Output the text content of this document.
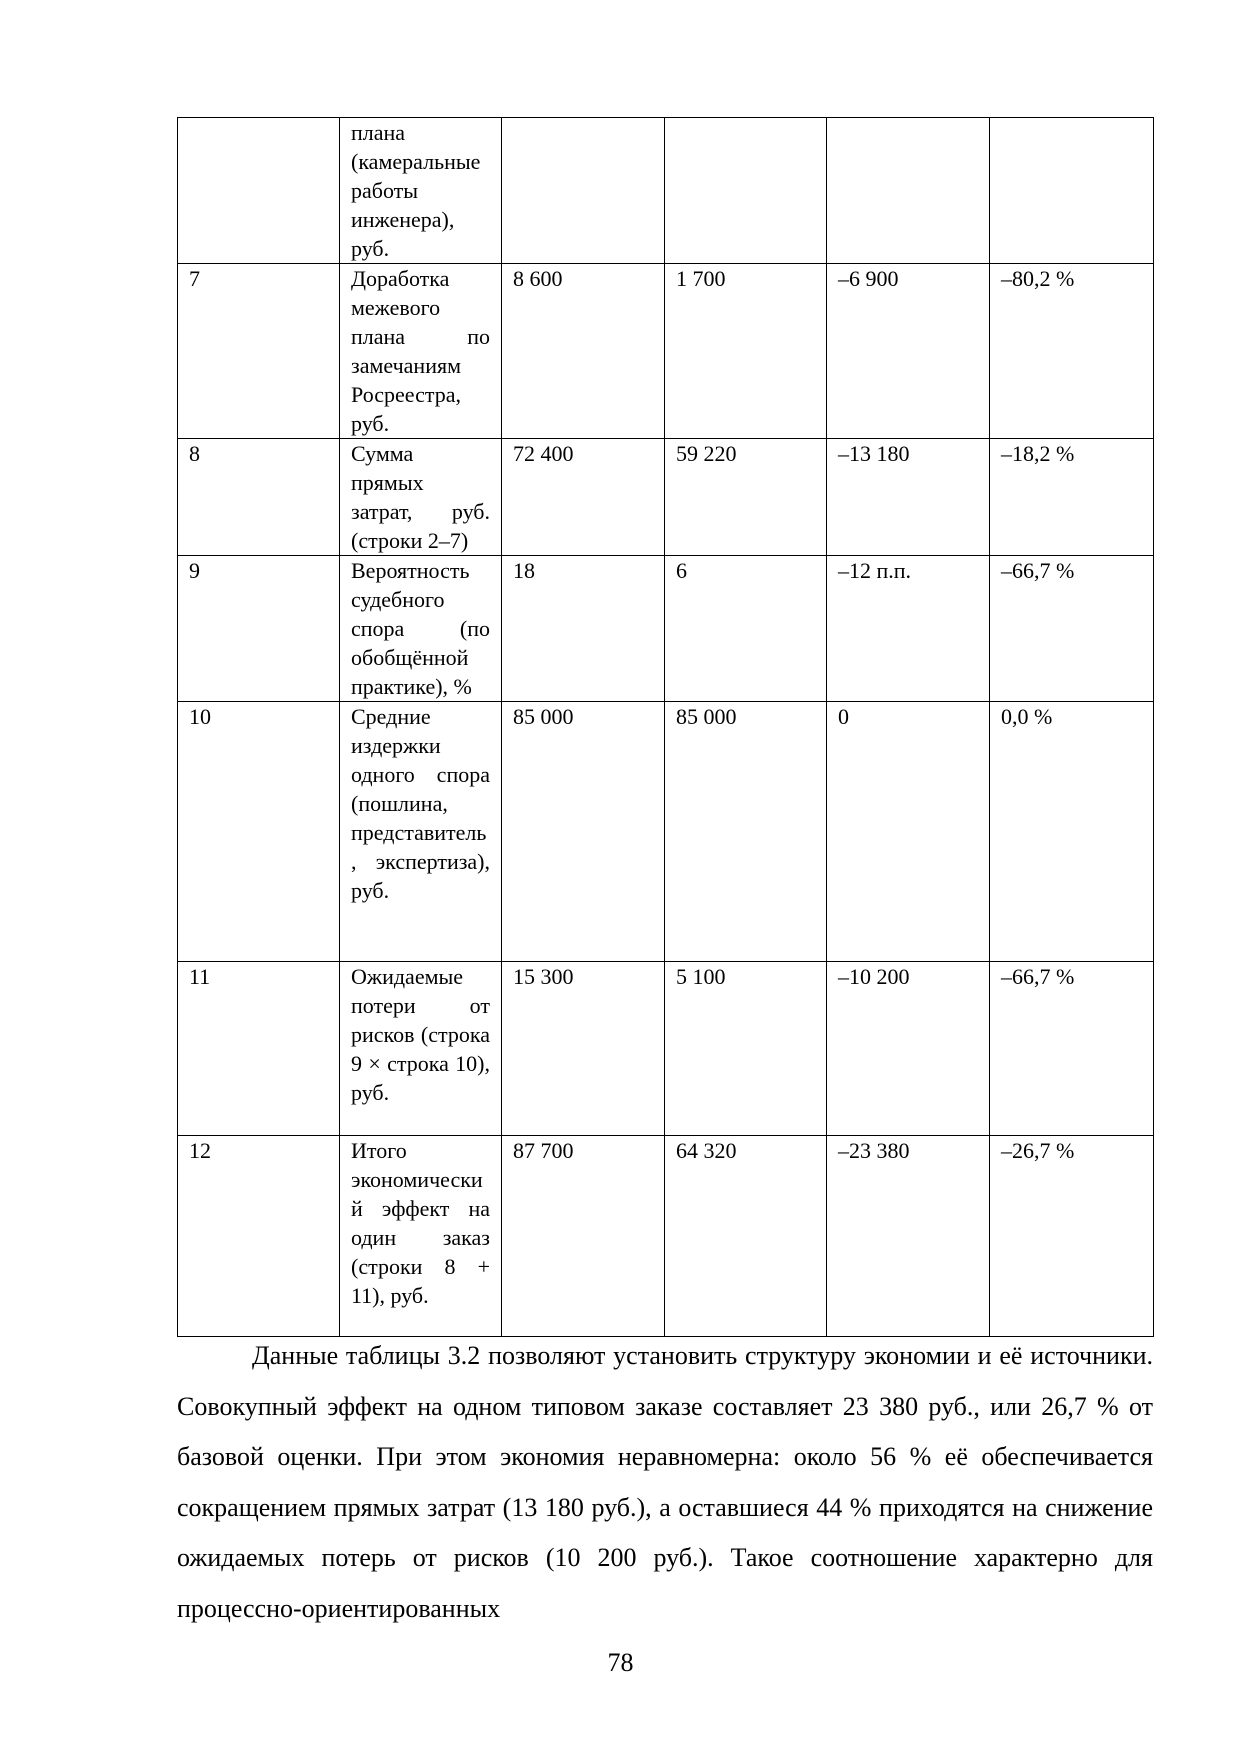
	плана (камеральные работы инженера), руб.				
7	Доработка межевого плана по замечаниям Росреестра, руб.	8 600	1 700	–6 900	–80,2 %
8	Сумма прямых затрат, руб. (строки 2–7)	72 400	59 220	–13 180	–18,2 %
9	Вероятность судебного спора (по обобщённой практике), %	18	6	–12 п.п.	–66,7 %
10	Средние издержки одного спора (пошлина, представитель, экспертиза), руб.	85 000	85 000	0	0,0 %
11	Ожидаемые потери от рисков (строка 9 × строка 10), руб.	15 300	5 100	–10 200	–66,7 %
12	Итого экономический эффект на один заказ (строки 8 + 11), руб.	87 700	64 320	–23 380	–26,7 %

Данные таблицы 3.2 позволяют установить структуру экономии и её источники. Совокупный эффект на одном типовом заказе составляет 23 380 руб., или 26,7 % от базовой оценки. При этом экономия неравномерна: около 56 % её обеспечивается сокращением прямых затрат (13 180 руб.), а оставшиеся 44 % приходятся на снижение ожидаемых потерь от рисков (10 200 руб.). Такое соотношение характерно для процессно-ориентированных

78
